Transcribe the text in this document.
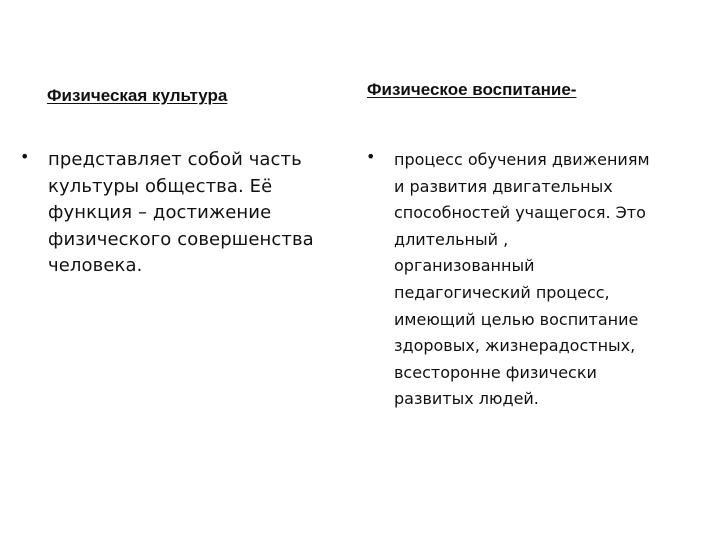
Физическая культура	Физическое воспитание-
• представляет собой часть
культуры общества. Её
функция – достижение
физического совершенства
человека.
• процесс обучения движениям
и развития двигательных
способностей учащегося. Это
длительный ,
организованный
педагогический процесс,
имеющий целью воспитание
здоровых, жизнерадостных,
всесторонне физически
развитых людей.
